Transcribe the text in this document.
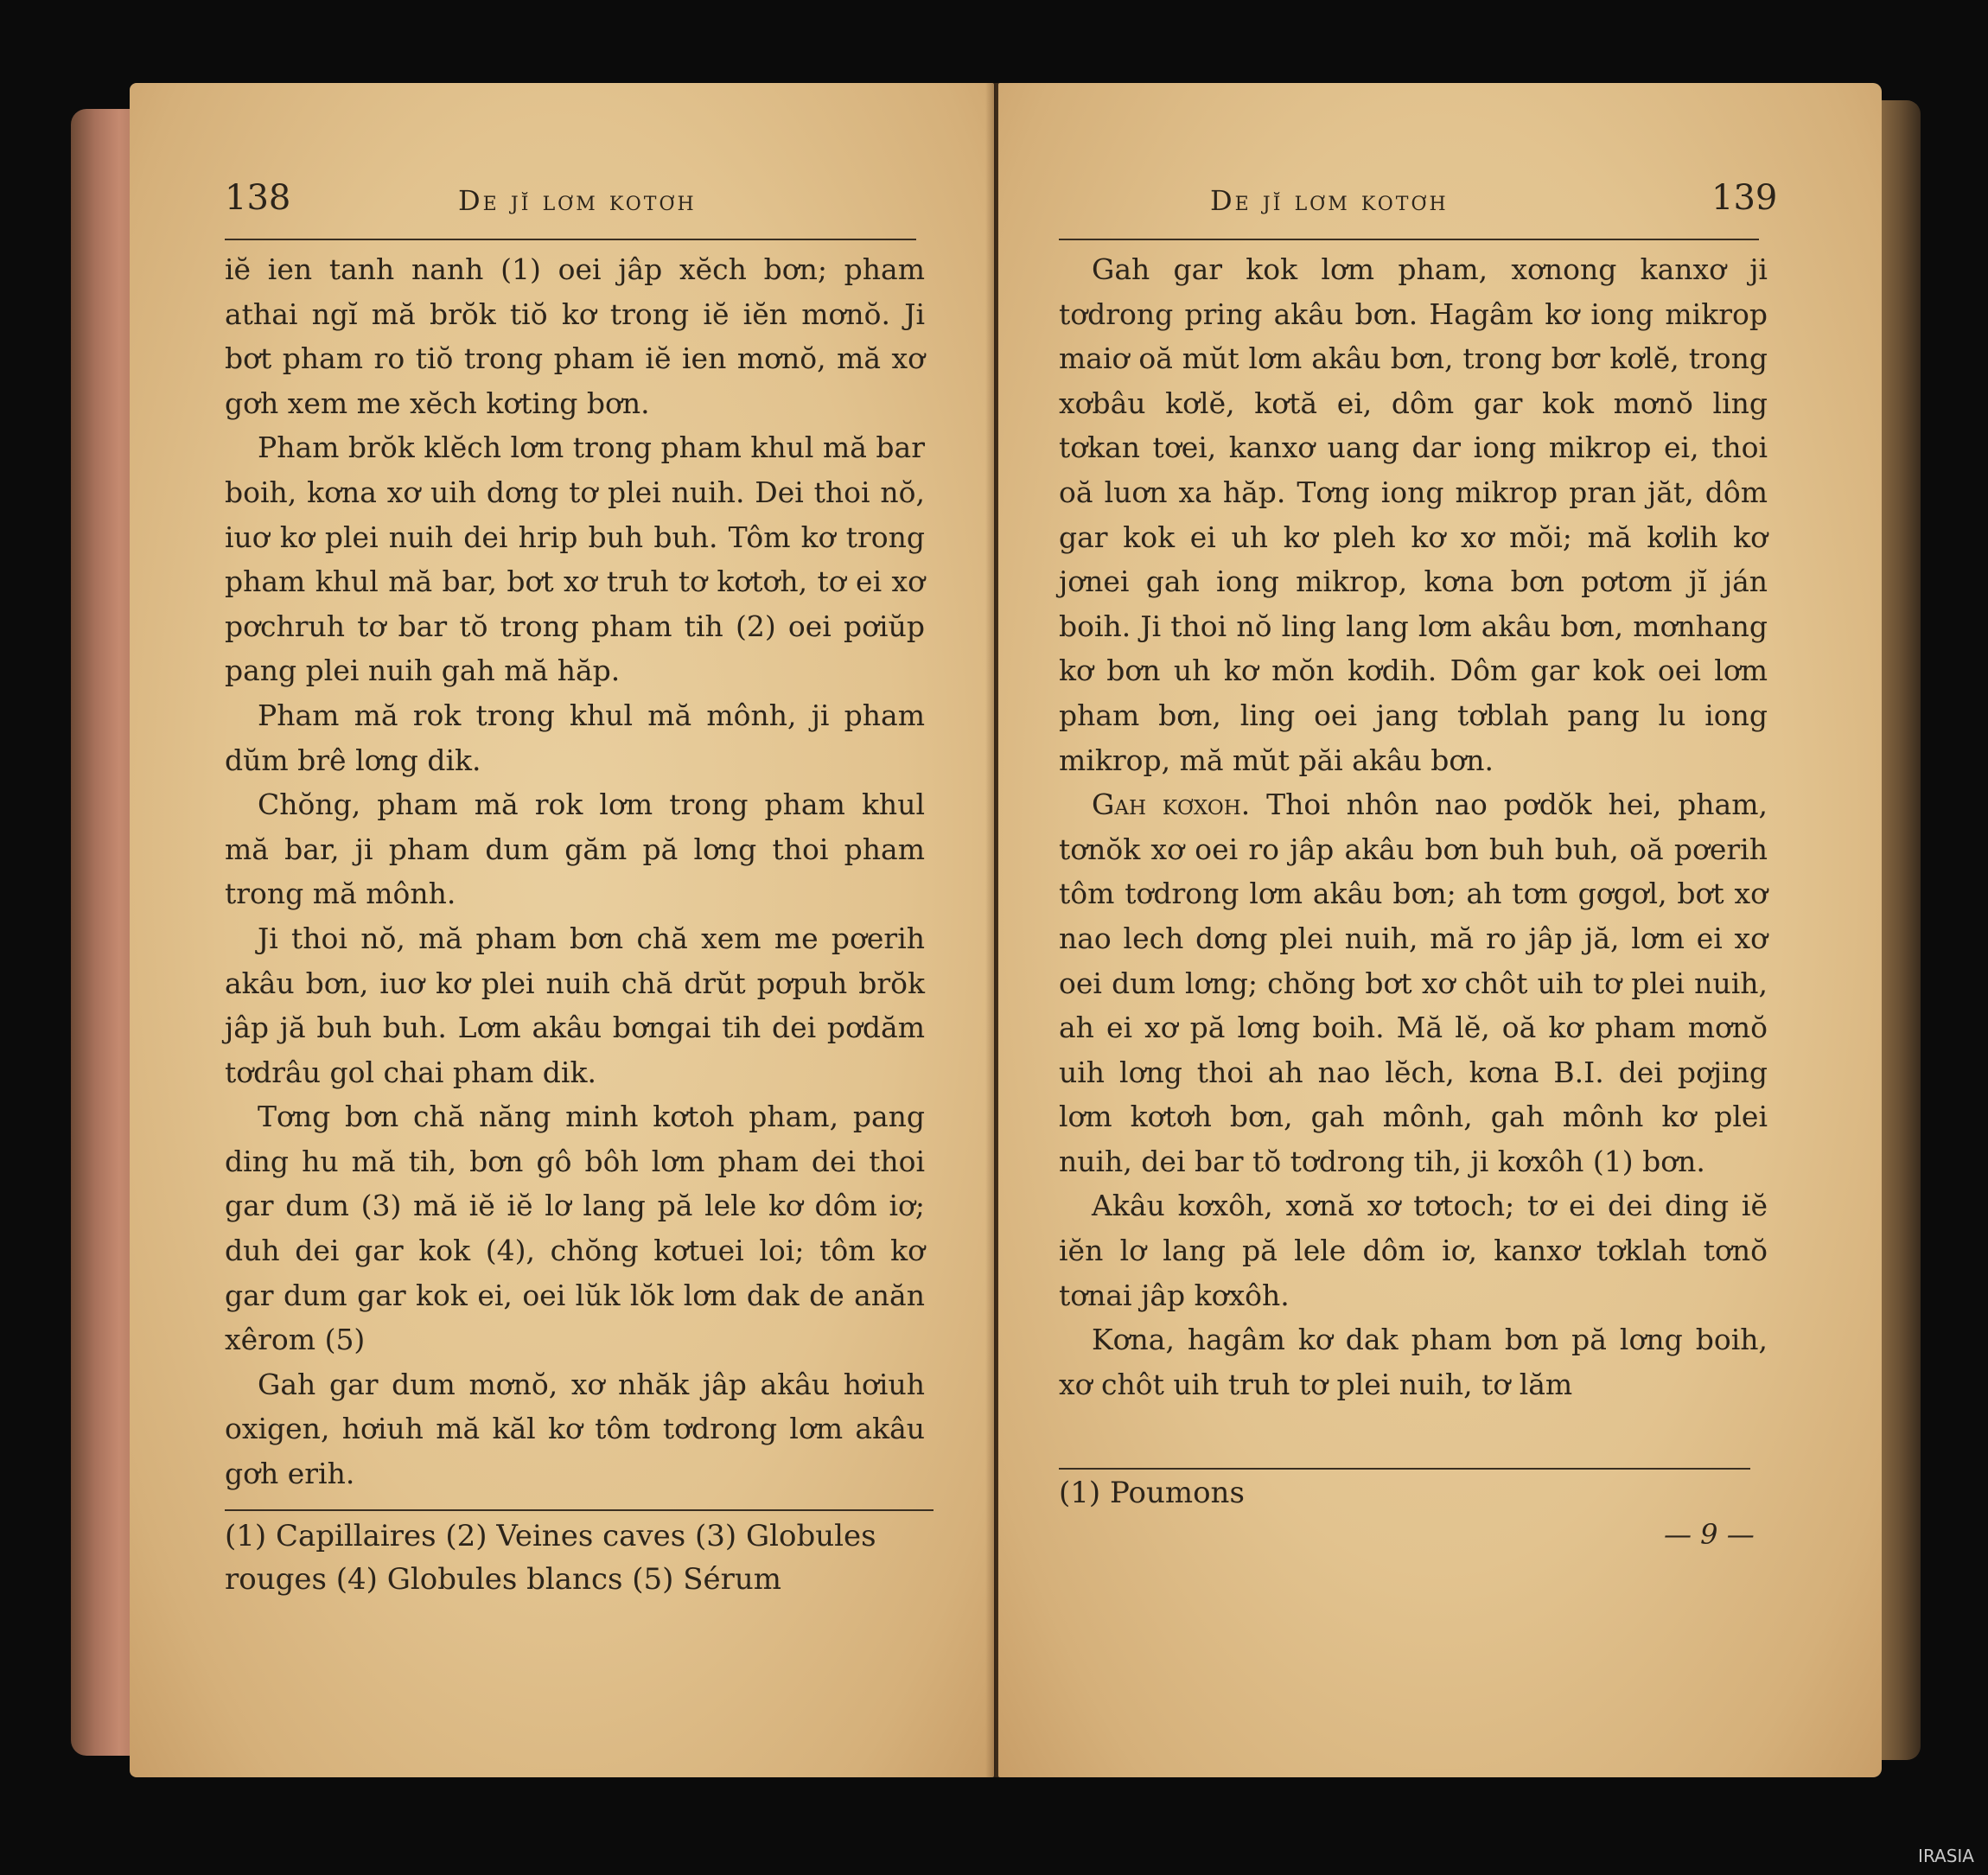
138	De jĭ lơm kotơh

iĕ ien tanh nanh (1) oei jâp xĕch bơn; pham athai ngĭ mă brŏk tiŏ kơ trong iĕ iĕn mơnŏ. Ji bơt pham ro tiŏ trong pham iĕ ien mơnŏ, mă xơ gơh xem me xĕch kơting bơn.

Pham brŏk klĕch lơm trong pham khul mă bar boih, kơna xơ uih dơng tơ plei nuih. Dei thoi nŏ, iuơ kơ plei nuih dei hrip buh buh. Tôm kơ trong pham khul mă bar, bơt xơ truh tơ kơtơh, tơ ei xơ pơchruh tơ bar tŏ trong pham tih (2) oei pơiŭp pang plei nuih gah mă hăp.

Pham mă rok trong khul mă mônh, ji pham dŭm brê lơng dik.

Chŏng, pham mă rok lơm trong pham khul mă bar, ji pham dum găm pă lơng thoi pham trong mă mônh.

Ji thoi nŏ, mă pham bơn chă xem me pơerih akâu bơn, iuơ kơ plei nuih chă drŭt pơpuh brŏk jâp jă buh buh. Lơm akâu bơngai tih dei pơdăm tơdrâu gol chai pham dik.

Tơng bơn chă năng minh kơtoh pham, pang ding hu mă tih, bơn gô bôh lơm pham dei thoi gar dum (3) mă iĕ iĕ lơ lang pă lele kơ dôm iơ; duh dei gar kok (4), chŏng kơtuei loi; tôm kơ gar dum gar kok ei, oei lŭk lŏk lơm dak de anăn xêrom (5)

Gah gar dum mơnŏ, xơ nhăk jâp akâu hơiuh oxigen, hơiuh mă kăl kơ tôm tơdrong lơm akâu gơh erih.

(1) Capillaires (2) Veines caves (3) Globules rouges (4) Globules blancs (5) Sérum
De jĭ lơm kotơh	139

Gah gar kok lơm pham, xơnong kanxơ ji tơdrong pring akâu bơn. Hagâm kơ iong mikrop maiơ oă mŭt lơm akâu bơn, trong bơr kơlĕ, trong xơbâu kơlĕ, kơtă ei, dôm gar kok mơnŏ ling tơkan tơei, kanxơ uang dar iong mikrop ei, thoi oă luơn xa hăp. Tơng iong mikrop pran jăt, dôm gar kok ei uh kơ pleh kơ xơ mŏi; mă kơlih kơ jơnei gah iong mikrop, kơna bơn pơtơm jĭ ján boih. Ji thoi nŏ ling lang lơm akâu bơn, mơnhang kơ bơn uh kơ mŏn kơdih. Dôm gar kok oei lơm pham bơn, ling oei jang tơblah pang lu iong mikrop, mă mŭt păi akâu bơn.

Gah kơxoh. Thoi nhôn nao pơdŏk hei, pham, tơnŏk xơ oei ro jâp akâu bơn buh buh, oă pơerih tôm tơdrong lơm akâu bơn; ah tơm gơgơl, bơt xơ nao lech dơng plei nuih, mă ro jâp jă, lơm ei xơ oei dum lơng; chŏng bơt xơ chôt uih tơ plei nuih, ah ei xơ pă lơng boih. Mă lĕ, oă kơ pham mơnŏ uih lơng thoi ah nao lĕch, kơna B.I. dei pơjing lơm kơtơh bơn, gah mônh, gah mônh kơ plei nuih, dei bar tŏ tơdrong tih, ji kơxôh (1) bơn.

Akâu kơxôh, xơnă xơ tơtoch; tơ ei dei ding iĕ iĕn lơ lang pă lele dôm iơ, kanxơ tơklah tơnŏ tơnai jâp kơxôh.

Kơna, hagâm kơ dak pham bơn pă lơng boih, xơ chôt uih truh tơ plei nuih, tơ lăm

(1) Poumons
— 9 —
IRASIA
